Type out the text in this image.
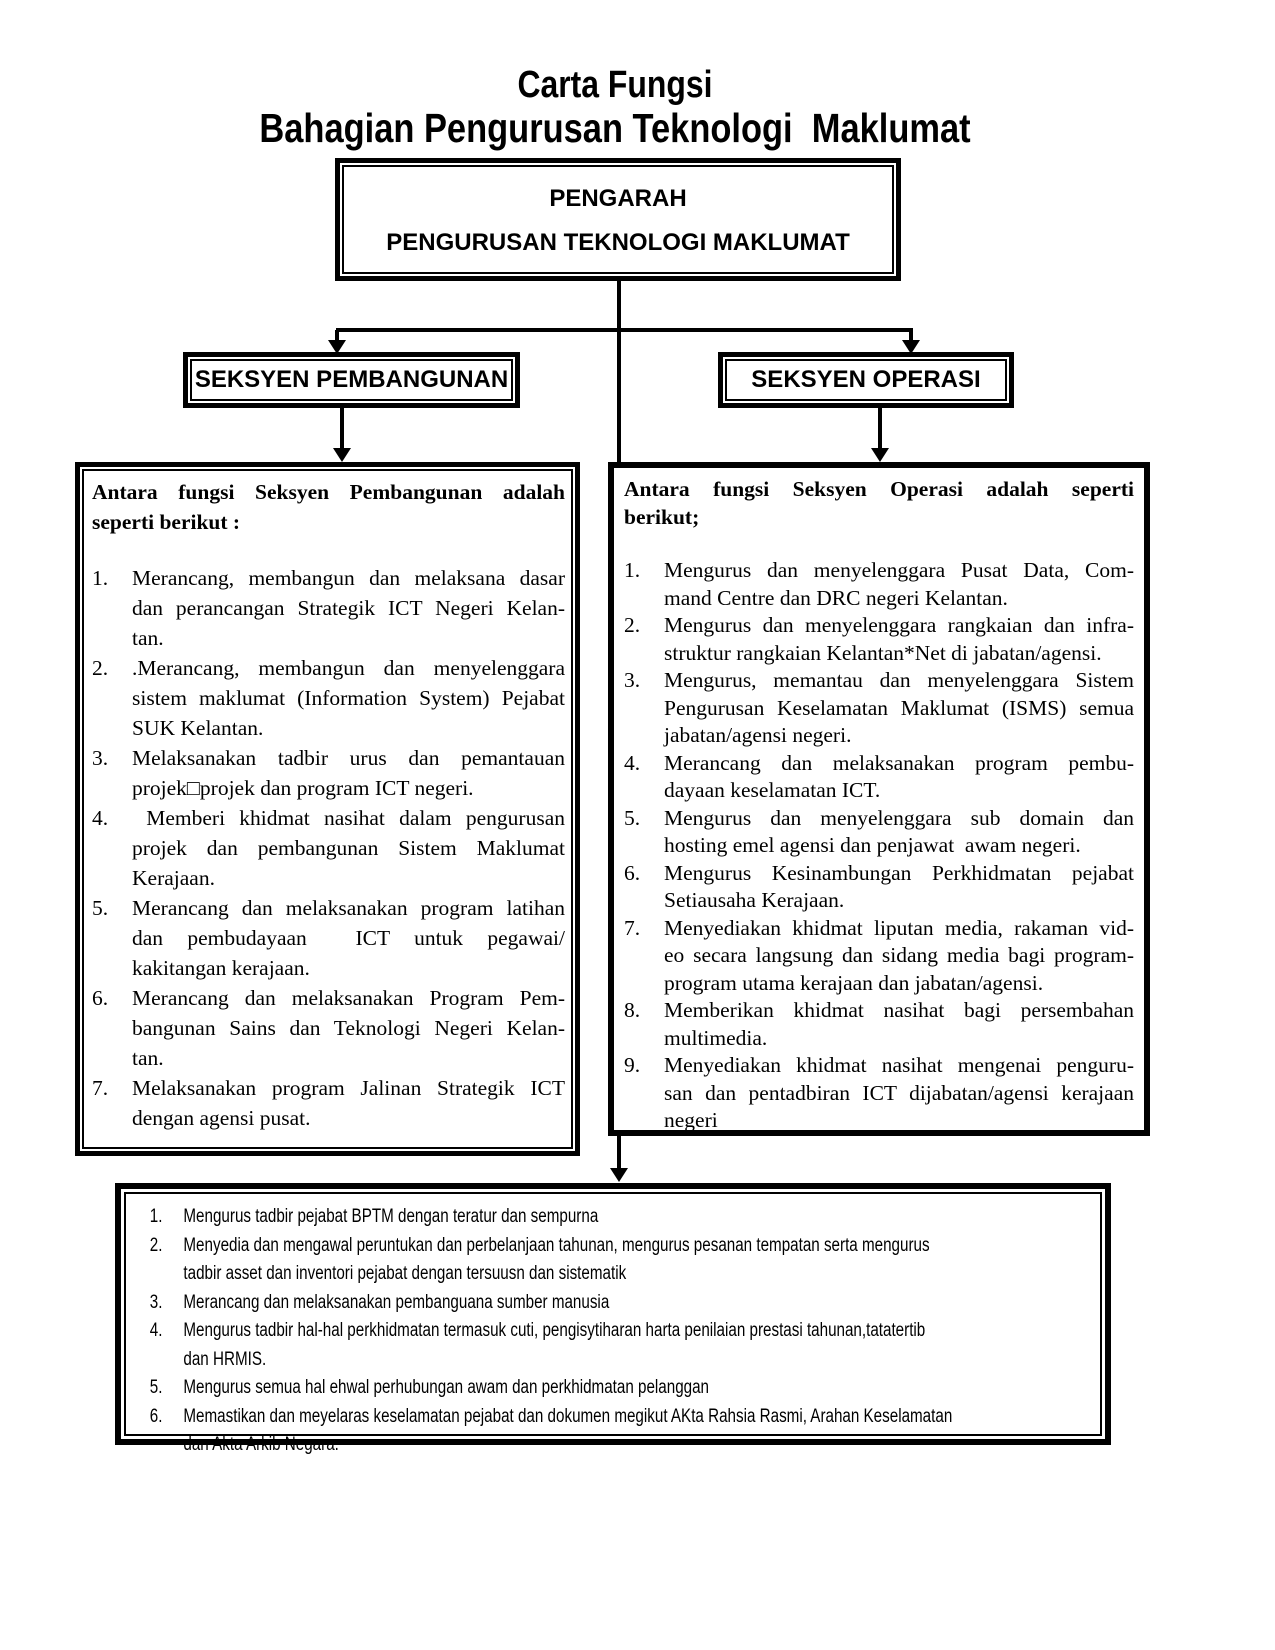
Carta Fungsi
Bahagian Pengurusan Teknologi  Maklumat
PENGARAH
PENGURUSAN TEKNOLOGI MAKLUMAT
SEKSYEN PEMBANGUNAN	SEKSYEN OPERASI
Antara fungsi Seksyen Pembangunan adalah
seperti berikut :
1.	Merancang, membangun dan melaksana dasar
dan perancangan Strategik ICT Negeri Kelan-
tan.
2.	.Merancang, membangun dan menyelenggara
sistem maklumat (Information System) Pejabat
SUK Kelantan.
3.	Melaksanakan tadbir urus dan pemantauan
projek□projek dan program ICT negeri.
4.	Memberi khidmat nasihat dalam pengurusan
projek dan pembangunan Sistem Maklumat
Kerajaan.
5.	Merancang dan melaksanakan program latihan
dan pembudayaan  ICT untuk pegawai/
kakitangan kerajaan.
6.	Merancang dan melaksanakan Program Pem-
bangunan Sains dan Teknologi Negeri Kelan-
tan.
7.	Melaksanakan program Jalinan Strategik ICT
dengan agensi pusat.
Antara fungsi Seksyen Operasi adalah seperti
berikut;
1.	Mengurus dan menyelenggara Pusat Data, Com-
mand Centre dan DRC negeri Kelantan.
2.	Mengurus dan menyelenggara rangkaian dan infra-
struktur rangkaian Kelantan*Net di jabatan/agensi.
3.	Mengurus, memantau dan menyelenggara Sistem
Pengurusan Keselamatan Maklumat (ISMS) semua
jabatan/agensi negeri.
4.	Merancang dan melaksanakan program pembu-
dayaan keselamatan ICT.
5.	Mengurus dan menyelenggara sub domain dan
hosting emel agensi dan penjawat  awam negeri.
6.	Mengurus Kesinambungan Perkhidmatan pejabat
Setiausaha Kerajaan.
7.	Menyediakan khidmat liputan media, rakaman vid-
eo secara langsung dan sidang media bagi program-
program utama kerajaan dan jabatan/agensi.
8.	Memberikan khidmat nasihat bagi persembahan
multimedia.
9.	Menyediakan khidmat nasihat mengenai penguru-
san dan pentadbiran ICT dijabatan/agensi kerajaan
negeri
1.	Mengurus tadbir pejabat BPTM dengan teratur dan sempurna
2.	Menyedia dan mengawal peruntukan dan perbelanjaan tahunan, mengurus pesanan tempatan serta mengurus
tadbir asset dan inventori pejabat dengan tersuusn dan sistematik
3.	Merancang dan melaksanakan pembanguana sumber manusia
4.	Mengurus tadbir hal-hal perkhidmatan termasuk cuti, pengisytiharan harta penilaian prestasi tahunan,tatatertib
dan HRMIS.
5.	Mengurus semua hal ehwal perhubungan awam dan perkhidmatan pelanggan
6.	Memastikan dan meyelaras keselamatan pejabat dan dokumen megikut AKta Rahsia Rasmi, Arahan Keselamatan
dan Akta Arkib Negara.
